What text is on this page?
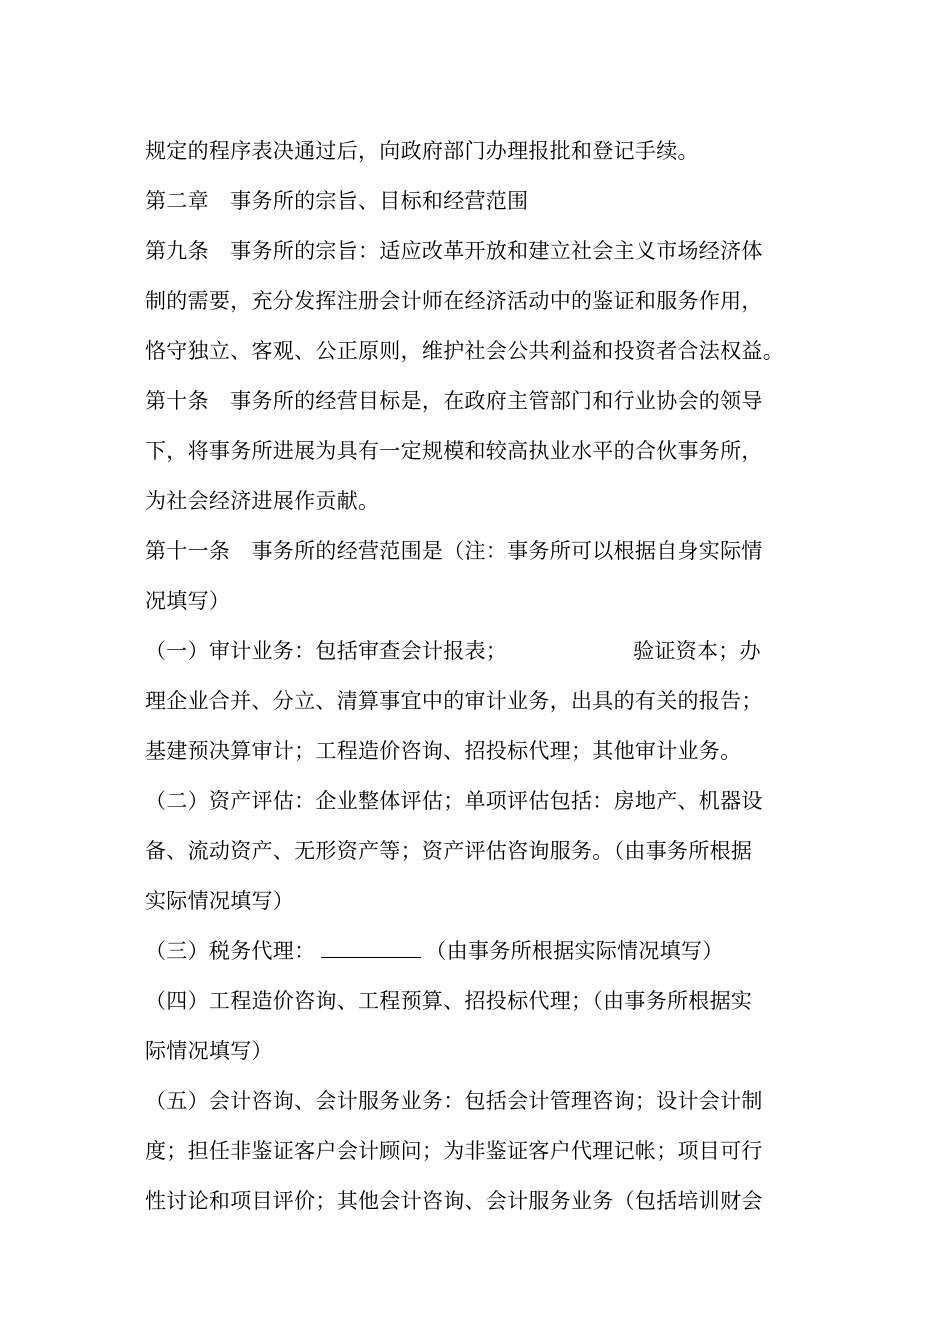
规定的程序表决通过后，向政府部门办理报批和登记手续。
第二章　事务所的宗旨、目标和经营范围
第九条　事务所的宗旨：适应改革开放和建立社会主义市场经济体
制的需要，充分发挥注册会计师在经济活动中的鉴证和服务作用，
恪守独立、客观、公正原则，维护社会公共利益和投资者合法权益。
第十条　事务所的经营目标是，在政府主管部门和行业协会的领导
下，将事务所进展为具有一定规模和较高执业水平的合伙事务所，
为社会经济进展作贡献。
第十一条　事务所的经营范围是（注：事务所可以根据自身实际情
况填写）
（一）审计业务：包括审查会计报表；	验证资本；办
理企业合并、分立、清算事宜中的审计业务，出具的有关的报告；
基建预决算审计；工程造价咨询、招投标代理；其他审计业务。
（二）资产评估：企业整体评估；单项评估包括：房地产、机器设
备、流动资产、无形资产等；资产评估咨询服务。（由事务所根据
实际情况填写）
（三）税务代理：	（由事务所根据实际情况填写）
（四）工程造价咨询、工程预算、招投标代理；（由事务所根据实
际情况填写）
（五）会计咨询、会计服务业务：包括会计管理咨询；设计会计制
度；担任非鉴证客户会计顾问；为非鉴证客户代理记帐；项目可行
性讨论和项目评价；其他会计咨询、会计服务业务（包括培训财会
